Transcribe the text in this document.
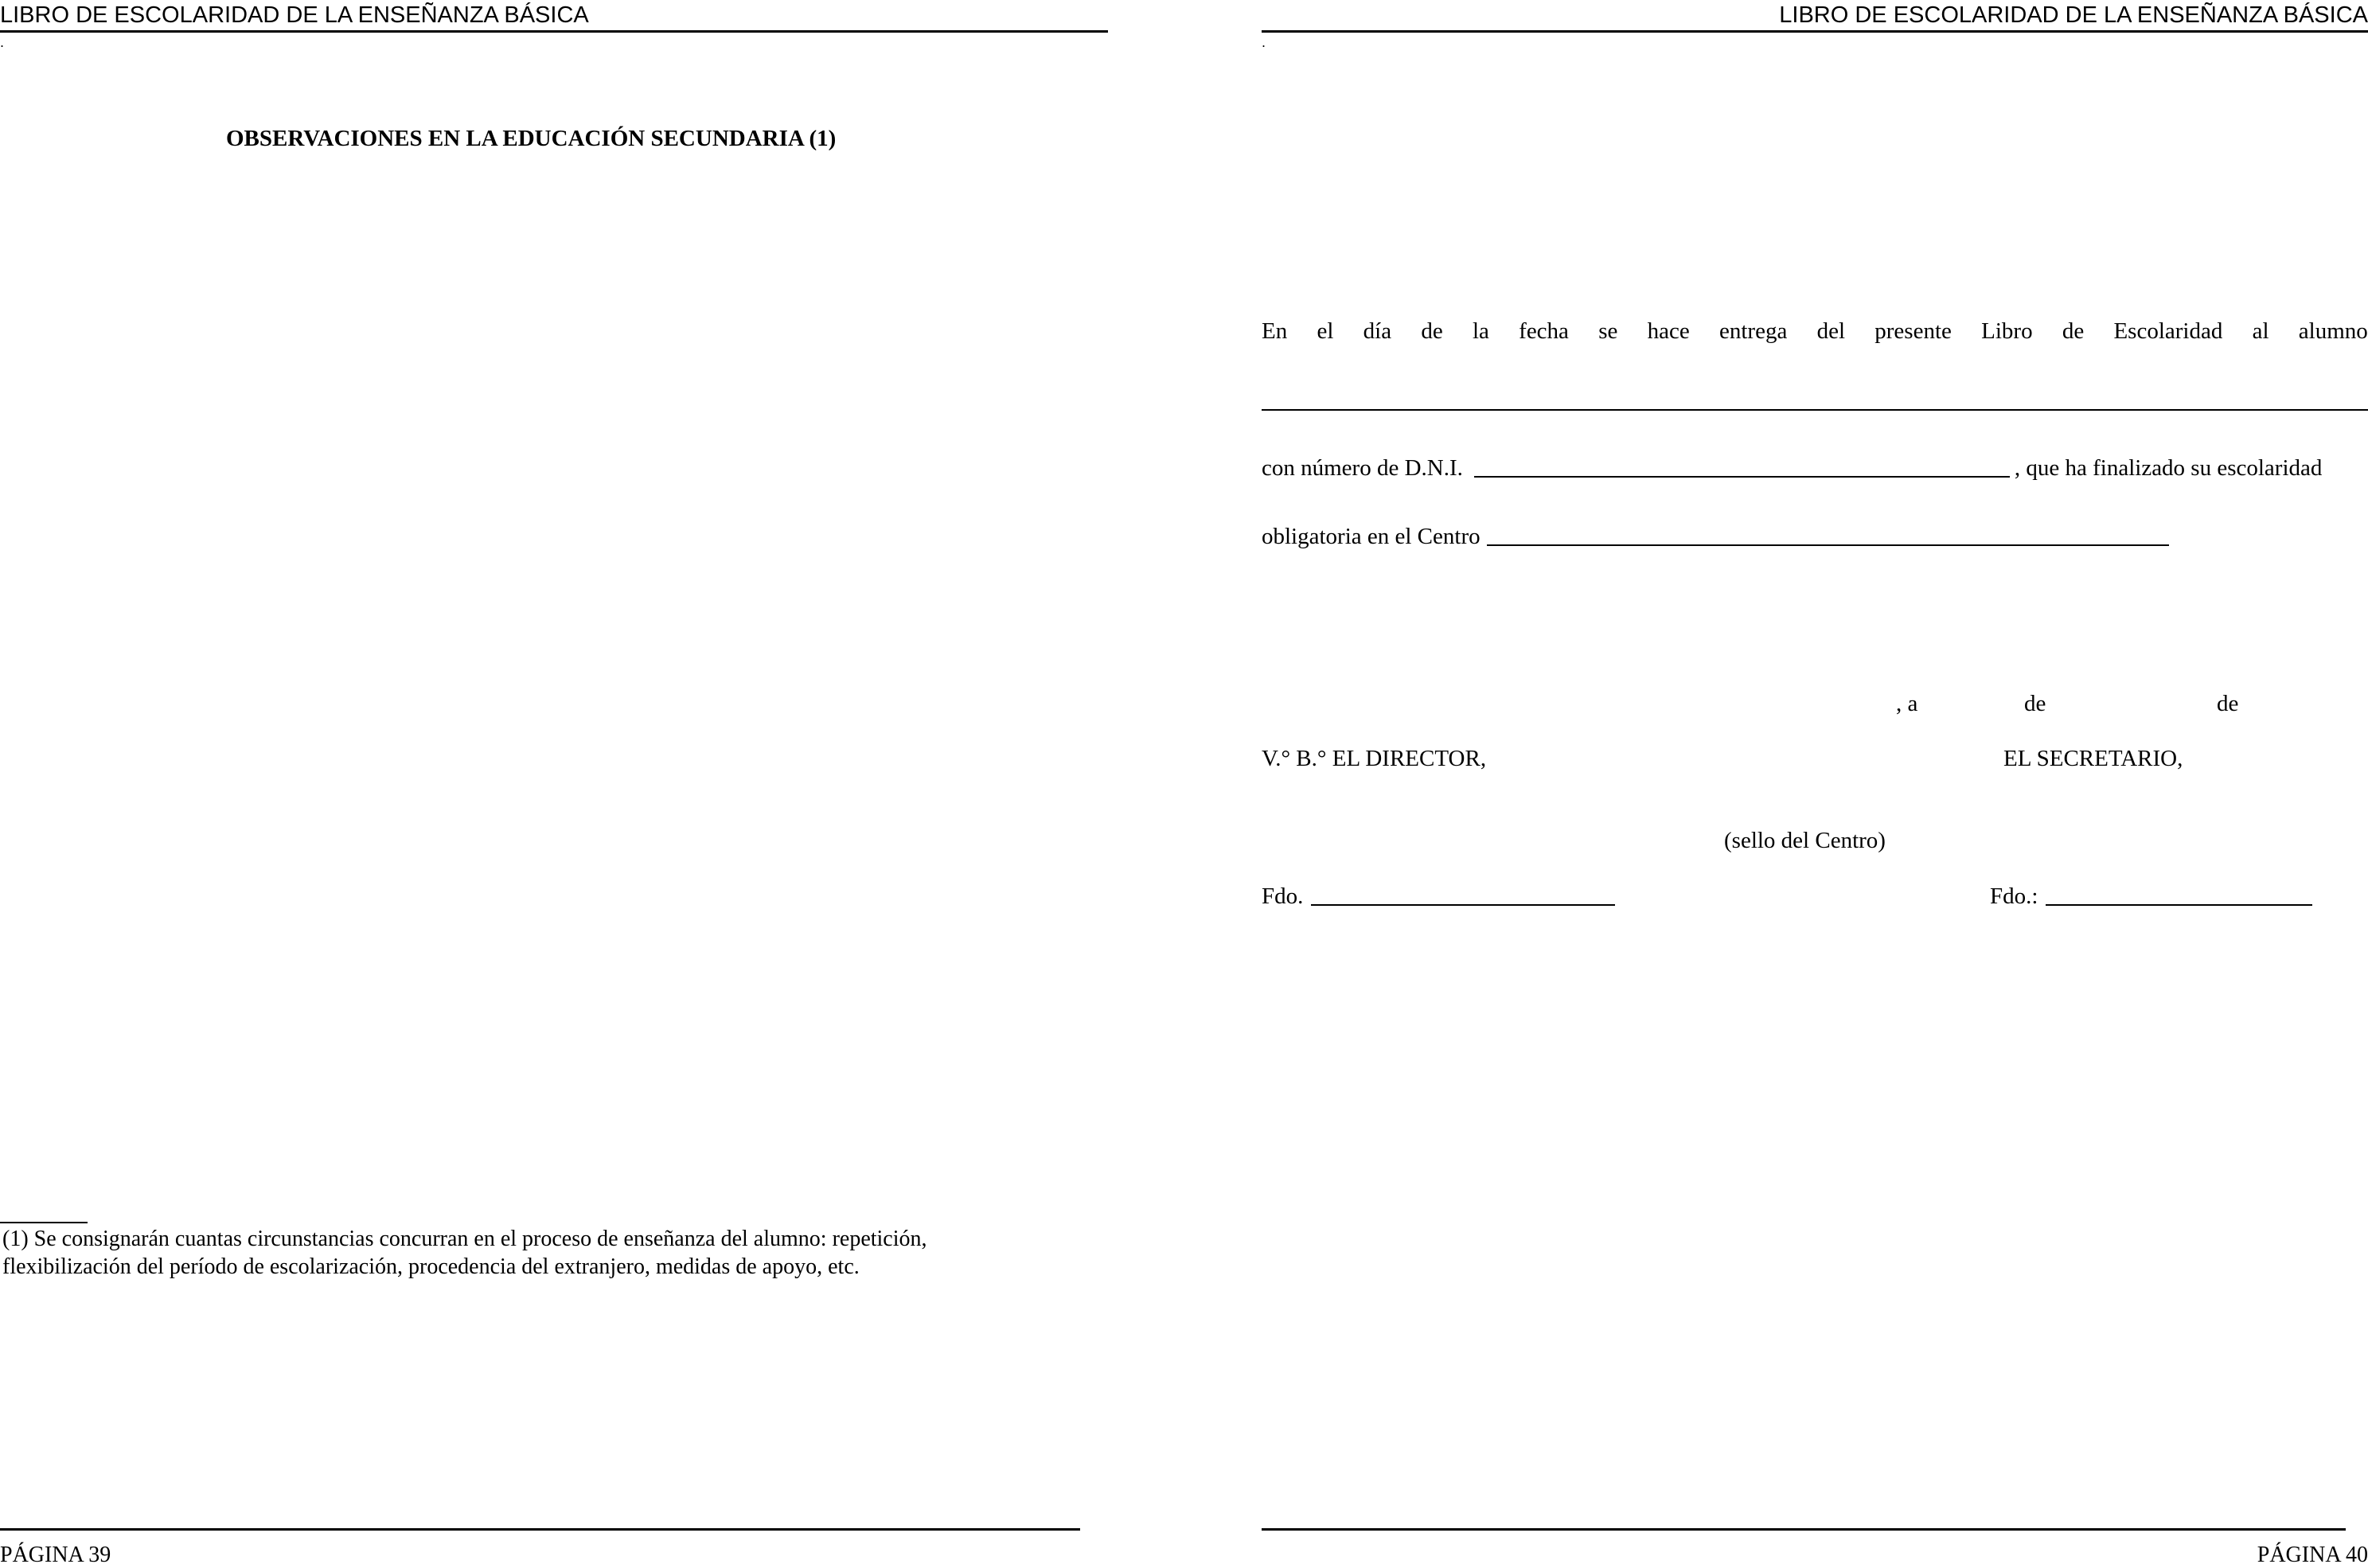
LIBRO DE ESCOLARIDAD DE LA ENSEÑANZA BÁSICA
.
OBSERVACIONES EN LA EDUCACIÓN SECUNDARIA (1)
(1) Se consignarán cuantas circunstancias concurran en el proceso de enseñanza del alumno: repetición,
flexibilización del período de escolarización, procedencia del extranjero, medidas de apoyo, etc.
PÁGINA 39
LIBRO DE ESCOLARIDAD DE LA ENSEÑANZA BÁSICA
.
En el día de la fecha se hace entrega del presente Libro de Escolaridad al alumno
con número de D.N.I.	, que ha finalizado su escolaridad
obligatoria en el Centro
, a	de	de
V.° B.° EL DIRECTOR,	EL SECRETARIO,
(sello del Centro)
Fdo.	Fdo.:
PÁGINA 40
